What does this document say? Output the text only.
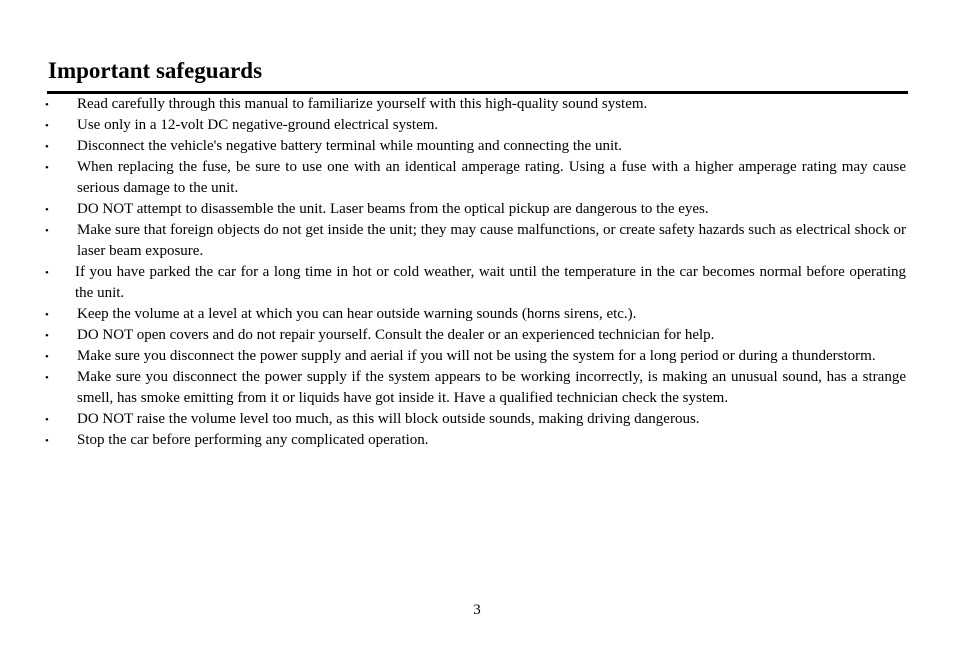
Important safeguards
• Read carefully through this manual to familiarize yourself with this high-quality sound system.
• Use only in a 12-volt DC negative-ground electrical system.
• Disconnect the vehicle's negative battery terminal while mounting and connecting the unit.
• When replacing the fuse, be sure to use one with an identical amperage rating. Using a fuse with a higher amperage rating may cause serious damage to the unit.
• DO NOT attempt to disassemble the unit. Laser beams from the optical pickup are dangerous to the eyes.
• Make sure that foreign objects do not get inside the unit; they may cause malfunctions, or create safety hazards such as electrical shock or laser beam exposure.
• If you have parked the car for a long time in hot or cold weather, wait until the temperature in the car becomes normal before operating the unit.
• Keep the volume at a level at which you can hear outside warning sounds (horns sirens, etc.).
• DO NOT open covers and do not repair yourself. Consult the dealer or an experienced technician for help.
• Make sure you disconnect the power supply and aerial if you will not be using the system for a long period or during a thunderstorm.
• Make sure you disconnect the power supply if the system appears to be working incorrectly, is making an unusual sound, has a strange smell, has smoke emitting from it or liquids have got inside it. Have a qualified technician check the system.
• DO NOT raise the volume level too much, as this will block outside sounds, making driving dangerous.
• Stop the car before performing any complicated operation.
3
